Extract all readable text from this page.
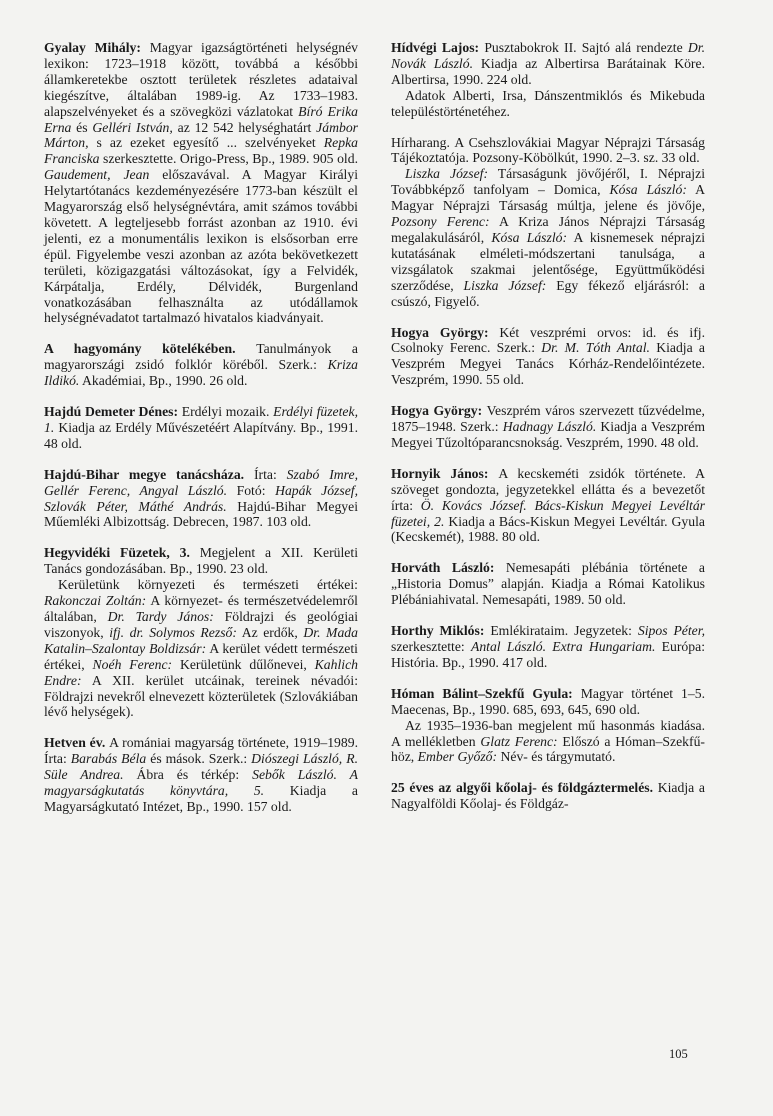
Gyalay Mihály: Magyar igazságtörténeti helységnév lexikon: 1723–1918 között, továbbá a későbbi államkeretekbe osztott területek részletes adataival kiegészítve, általában 1989-ig. Az 1733–1983. alapszelvényeket és a szövegközi vázlatokat Bíró Erika Erna és Gelléri István, az 12 542 helységhatárt Jámbor Márton, s az ezeket egyesítő ... szelvényeket Repka Franciska szerkesztette. Origo-Press, Bp., 1989. 905 old. Gaudement, Jean előszavával. A Magyar Királyi Helytartótanács kezdeményezésére 1773-ban készült el Magyarország első helységnévtára, amit számos további követett. A legteljesebb forrást azonban az 1910. évi jelenti, ez a monumentális lexikon is elsősorban erre épül. Figyelembe veszi azonban az azóta bekövetkezett területi, közigazgatási változásokat, így a Felvidék, Kárpátalja, Erdély, Délvidék, Burgenland vonatkozásában felhasználta az utódállamok helységnévadatot tartalmazó hivatalos kiadványait.

A hagyomány kötelékében. Tanulmányok a magyarországi zsidó folklór köréből. Szerk.: Kriza Ildikó. Akadémiai, Bp., 1990. 26 old.

Hajdú Demeter Dénes: Erdélyi mozaik. Erdélyi füzetek, 1. Kiadja az Erdély Művészetéért Alapítvány. Bp., 1991. 48 old.

Hajdú-Bihar megye tanácsháza. Írta: Szabó Imre, Gellér Ferenc, Angyal László. Fotó: Hapák József, Szlovák Péter, Máthé András. Hajdú-Bihar Megyei Műemléki Albizottság. Debrecen, 1987. 103 old.

Hegyvidéki Füzetek, 3. Megjelent a XII. Kerületi Tanács gondozásában. Bp., 1990. 23 old.

Kerületünk környezeti és természeti értékei: Rakonczai Zoltán: A környezet- és természetvédelemről általában, Dr. Tardy János: Földrajzi és geológiai viszonyok, ifj. dr. Solymos Rezső: Az erdők, Dr. Mada Katalin–Szalontay Boldizsár: A kerület védett természeti értékei, Noéh Ferenc: Kerületünk dűlőnevei, Kahlich Endre: A XII. kerület utcáinak, tereinek névadói: Földrajzi nevekről elnevezett közterületek (Szlovákiában lévő helységek).

Hetven év. A romániai magyarság története, 1919–1989. Írta: Barabás Béla és mások. Szerk.: Diószegi László, R. Süle Andrea. Ábra és térkép: Sebők László. A magyarságkutatás könyvtára, 5. Kiadja a Magyarságkutató Intézet, Bp., 1990. 157 old.

Hídvégi Lajos: Pusztabokrok II. Sajtó alá rendezte Dr. Novák László. Kiadja az Albertirsa Barátainak Köre. Albertirsa, 1990. 224 old.

Adatok Alberti, Irsa, Dánszentmiklós és Mikebuda településtörténetéhez.

Hírharang. A Csehszlovákiai Magyar Néprajzi Társaság Tájékoztatója. Pozsony-Köbölkút, 1990. 2–3. sz. 33 old.

Liszka József: Társaságunk jövőjéről, I. Néprajzi Továbbképző tanfolyam – Domica, Kósa László: A Magyar Néprajzi Társaság múltja, jelene és jövője, Pozsony Ferenc: A Kriza János Néprajzi Társaság megalakulásáról, Kósa László: A kisnemesek néprajzi kutatásának elméleti-módszertani tanulsága, a vizsgálatok szakmai jelentősége, Együttműködési szerződése, Liszka József: Egy fékező eljárásról: a csúszó, Figyelő.

Hogya György: Két veszprémi orvos: id. és ifj. Csolnoky Ferenc. Szerk.: Dr. M. Tóth Antal. Kiadja a Veszprém Megyei Tanács Kórház-Rendelőintézete. Veszprém, 1990. 55 old.

Hogya György: Veszprém város szervezett tűzvédelme, 1875–1948. Szerk.: Hadnagy László. Kiadja a Veszprém Megyei Tűzoltóparancsnokság. Veszprém, 1990. 48 old.

Hornyik János: A kecskeméti zsidók története. A szöveget gondozta, jegyzetekkel ellátta és a bevezetőt írta: Ö. Kovács József. Bács-Kiskun Megyei Levéltár füzetei, 2. Kiadja a Bács-Kiskun Megyei Levéltár. Gyula (Kecskemét), 1988. 80 old.

Horváth László: Nemesapáti plébánia története a „Historia Domus” alapján. Kiadja a Római Katolikus Plébániahivatal. Nemesapáti, 1989. 50 old.

Horthy Miklós: Emlékirataim. Jegyzetek: Sipos Péter, szerkesztette: Antal László. Extra Hungariam. Európa: História. Bp., 1990. 417 old.

Hóman Bálint–Szekfű Gyula: Magyar történet 1–5. Maecenas, Bp., 1990. 685, 693, 645, 690 old.

Az 1935–1936-ban megjelent mű hasonmás kiadása. A mellékletben Glatz Ferenc: Előszó a Hóman–Szekfű-höz, Ember Győző: Név- és tárgymutató.

25 éves az algyői kőolaj- és földgáztermelés. Kiadja a Nagyalföldi Kőolaj- és Földgáz-

105
